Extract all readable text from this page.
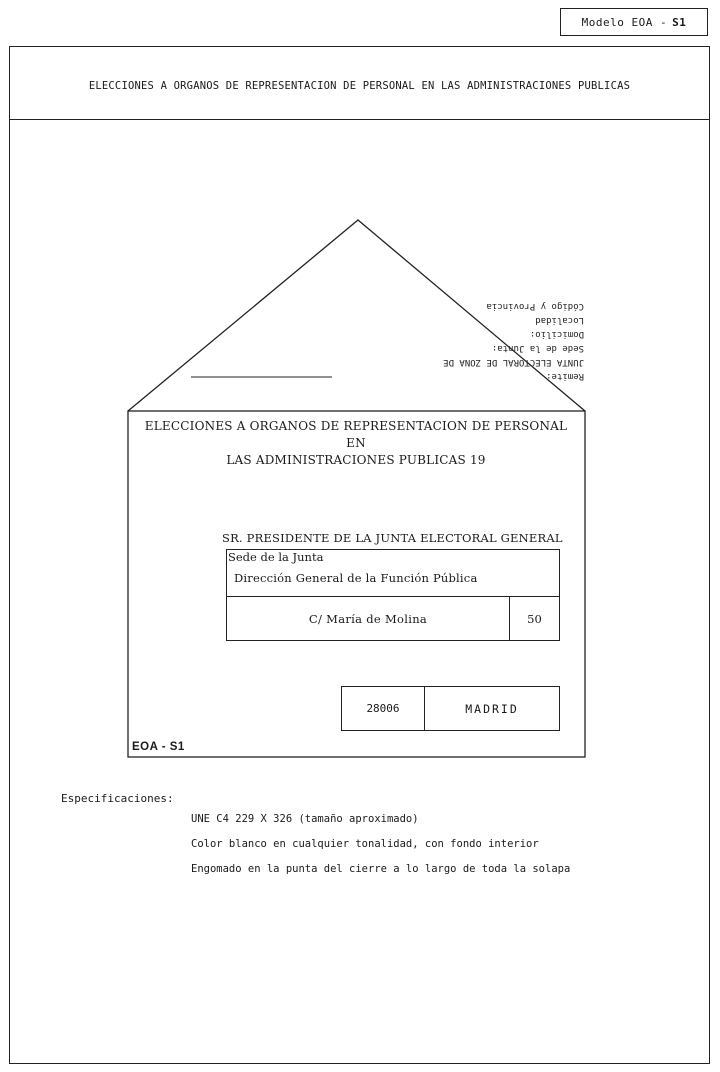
Modelo EOA - S1
ELECCIONES A ORGANOS DE REPRESENTACION DE PERSONAL EN LAS ADMINISTRACIONES PUBLICAS
Remite:
JUNTA ELECTORAL DE ZONA DE
Sede de la Junta:
Domicilio:
Localidad
Código y Provincia
ELECCIONES A ORGANOS DE REPRESENTACION DE PERSONAL EN
LAS ADMINISTRACIONES PUBLICAS 19
SR. PRESIDENTE DE LA JUNTA ELECTORAL GENERAL
Sede de la Junta
Dirección General de la Función Pública
C/ María de Molina	50
28006	MADRID
EOA - S1
Especificaciones:
UNE C4 229 X 326 (tamaño aproximado)
Color blanco en cualquier tonalidad, con fondo interior
Engomado en la punta del cierre a lo largo de toda la solapa
